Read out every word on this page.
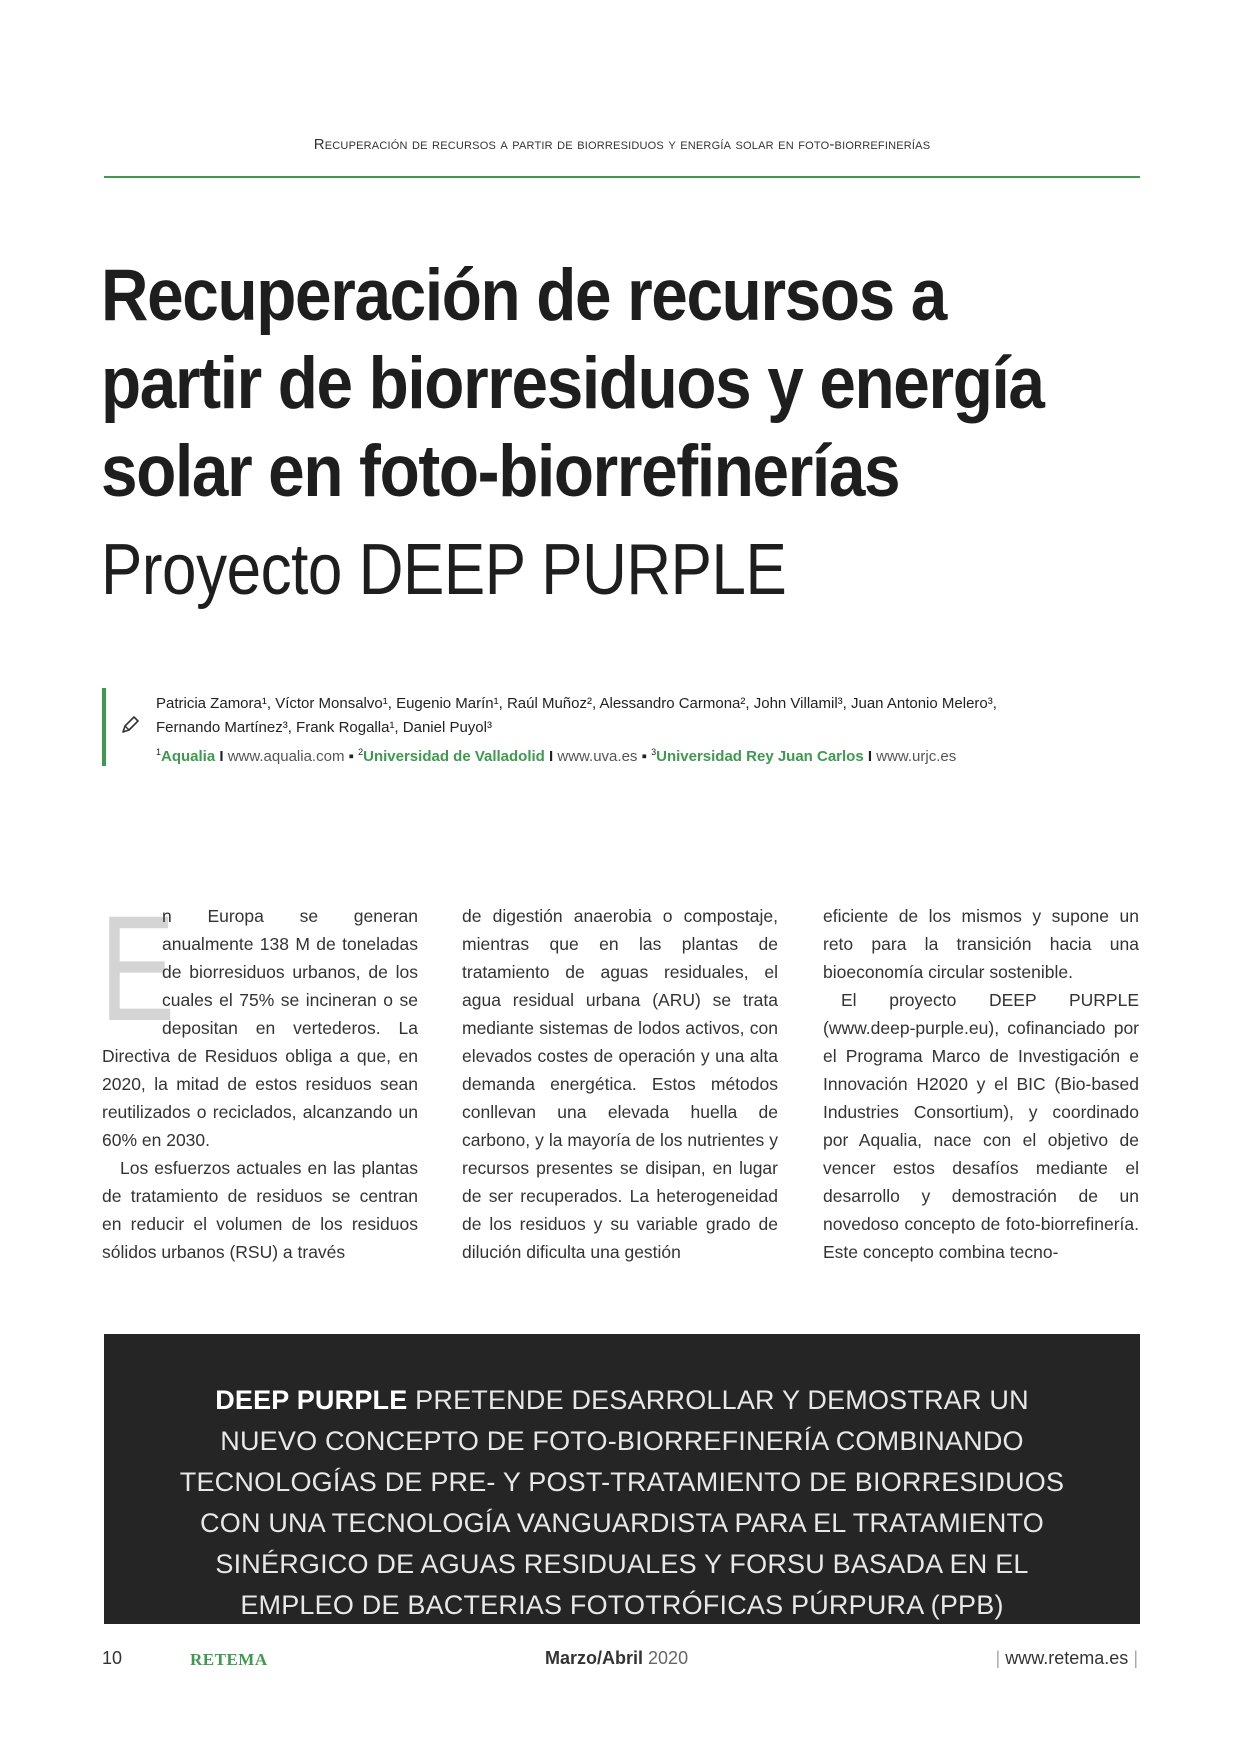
Recuperación de recursos a partir de biorresiduos y energía solar en foto-biorrefinerías
Recuperación de recursos a partir de biorresiduos y energía solar en foto-biorrefinerías
Proyecto DEEP PURPLE
Patricia Zamora¹, Víctor Monsalvo¹, Eugenio Marín¹, Raúl Muñoz², Alessandro Carmona², John Villamil³, Juan Antonio Melero³,
Fernando Martínez³, Frank Rogalla¹, Daniel Puyol³
$^1$Aqualia I www.aqualia.com ▪ $^2$Universidad de Valladolid I www.uva.es ▪ $^3$Universidad Rey Juan Carlos I www.urjc.es
E

n Europa se generan anualmente 138 M de toneladas de biorresiduos urbanos, de los cuales el 75% se incineran o se depositan en vertederos. La Directiva de Residuos obliga a que, en 2020, la mitad de estos residuos sean reutilizados o reciclados, alcanzando un 60% en 2030.

Los esfuerzos actuales en las plantas de tratamiento de residuos se centran en reducir el volumen de los residuos sólidos urbanos (RSU) a través

de digestión anaerobia o compostaje, mientras que en las plantas de tratamiento de aguas residuales, el agua residual urbana (ARU) se trata mediante sistemas de lodos activos, con elevados costes de operación y una alta demanda energética. Estos métodos conllevan una elevada huella de carbono, y la mayoría de los nutrientes y recursos presentes se disipan, en lugar de ser recuperados. La heterogeneidad de los residuos y su variable grado de dilución dificulta una gestión

eficiente de los mismos y supone un reto para la transición hacia una bioeconomía circular sostenible.

El proyecto DEEP PURPLE (www.deep-purple.eu), cofinanciado por el Programa Marco de Investigación e Innovación H2020 y el BIC (Bio-based Industries Consortium), y coordinado por Aqualia, nace con el objetivo de vencer estos desafíos mediante el desarrollo y demostración de un novedoso concepto de foto-biorrefinería. Este concepto combina tecno-

DEEP PURPLE PRETENDE DESARROLLAR Y DEMOSTRAR UN NUEVO CONCEPTO DE FOTO-BIORREFINERÍA COMBINANDO TECNOLOGÍAS DE PRE- Y POST-TRATAMIENTO DE BIORRESIDUOS CON UNA TECNOLOGÍA VANGUARDISTA PARA EL TRATAMIENTO SINÉRGICO DE AGUAS RESIDUALES Y FORSU BASADA EN EL EMPLEO DE BACTERIAS FOTOTRÓFICAS PÚRPURA (PPB)
10	RETEMA	Marzo/Abril 2020	| www.retema.es |
